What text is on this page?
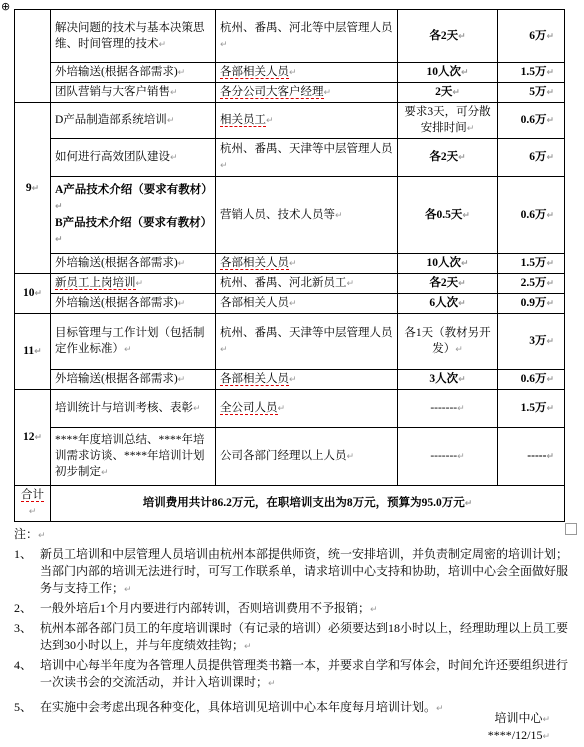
⊕
	解决问题的技术与基本决策思维、时间管理的技术↵	杭州、番禺、河北等中层管理人员↵	各2天↵	6万↵
	外培输送(根据各部需求)↵	各部相关人员↵	10人次↵	1.5万↵
	团队营销与大客户销售↵	各分公司大客户经理↵	2天↵	5万↵
9↵	D产品制造部系统培训↵	相关员工↵	要求3天，可分散安排时间↵	0.6万↵
	如何进行高效团队建设↵	杭州、番禺、天津等中层管理人员↵	各2天↵	6万↵

	A产品技术介绍（要求有教材）↵
B产品技术介绍（要求有教材）↵	营销人员、技术人员等↵	各0.5天↵	0.6万↵
	外培输送(根据各部需求)↵	各部相关人员↵	10人次↵	1.5万↵
10↵	新员工上岗培训↵	杭州、番禺、河北新员工↵	各2天↵	2.5万↵
	外培输送(根据各部需求)↵	各部相关人员↵	6人次↵	0.9万↵
11↵	目标管理与工作计划（包括制定作业标准）↵	杭州、番禺、天津等中层管理人员↵	各1天（教材另开发）↵	3万↵
	外培输送(根据各部需求)↵	各部相关人员↵	3人次↵	0.6万↵
12↵	培训统计与培训考核、表彰↵	全公司人员↵	-------↵	1.5万↵
	****年度培训总结、****年培训需求访谈、****年培训计划初步制定↵	公司各部门经理以上人员↵	-------↵	-----↵
合计↵	培训费用共计86.2万元，在职培训支出为8万元，预算为95.0万元↵			

注：↵

1、 新员工培训和中层管理人员培训由杭州本部提供师资，统一安排培训，并负责制定周密的培训计划；当部门内部的培训无法进行时，可写工作联系单，请求培训中心支持和协助，培训中心会全面做好服务与支持工作；↵
2、 一般外培后1个月内要进行内部转训，否则培训费用不予报销；↵
3、 杭州本部各部门员工的年度培训课时（有记录的培训）必须要达到18小时以上，经理助理以上员工要达到30小时以上，并与年度绩效挂钩；↵
4、 培训中心每半年度为各管理人员提供管理类书籍一本，并要求自学和写体会，时间允许还要组织进行一次读书会的交流活动，并计入培训课时；↵
5、 在实施中会考虑出现各种变化，具体培训见培训中心本年度每月培训计划。↵
培训中心↵
****/12/15↵
